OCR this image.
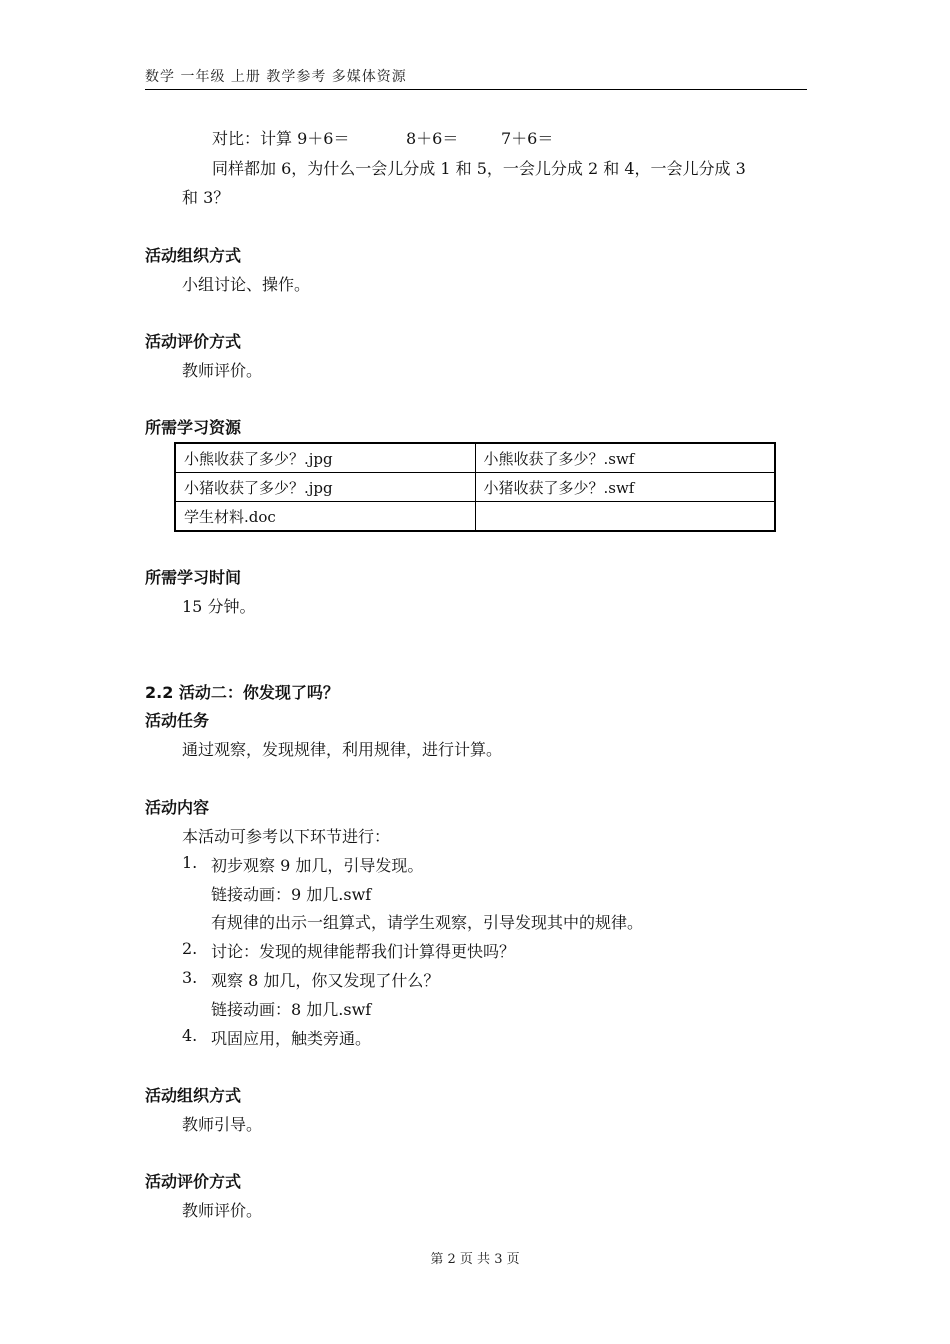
数学 一年级 上册 教学参考 多媒体资源
对比：计算 9＋6＝	8＋6＝	7＋6＝
同样都加 6，为什么一会儿分成 1 和 5，一会儿分成 2 和 4，一会儿分成 3
和 3？
活动组织方式
小组讨论、操作。
活动评价方式
教师评价。
所需学习资源
小熊收获了多少？.jpg	小熊收获了多少？.swf
小猪收获了多少？.jpg	小猪收获了多少？.swf
学生材料.doc	
所需学习时间
15 分钟。
2.2 活动二：你发现了吗？
活动任务
通过观察，发现规律，利用规律，进行计算。
活动内容
本活动可参考以下环节进行：
1. 初步观察 9 加几，引导发现。
链接动画：9 加几.swf
有规律的出示一组算式，请学生观察，引导发现其中的规律。
2. 讨论：发现的规律能帮我们计算得更快吗？
3. 观察 8 加几，你又发现了什么？
链接动画：8 加几.swf
4. 巩固应用，触类旁通。
活动组织方式
教师引导。
活动评价方式
教师评价。
第 2 页 共 3 页
